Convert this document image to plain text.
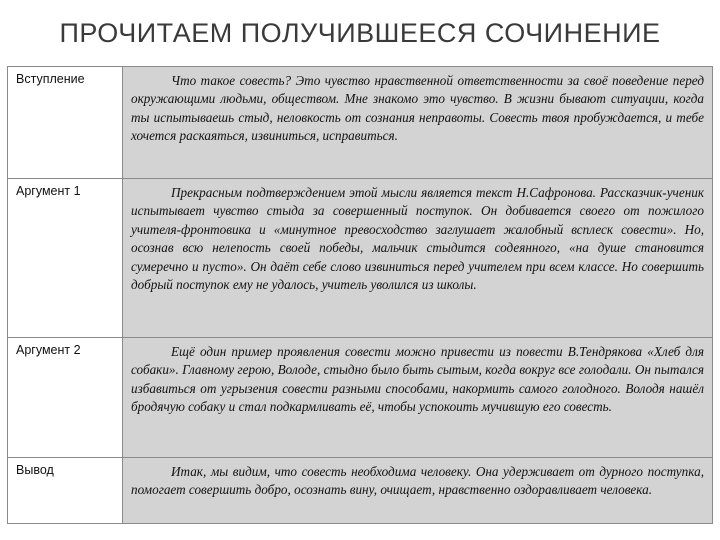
ПРОЧИТАЕМ ПОЛУЧИВШЕЕСЯ СОЧИНЕНИЕ
Вступление	Что такое совесть? Это чувство нравственной ответственности за своё поведение перед окружающими людьми, обществом. Мне знакомо это чувство. В жизни бывают ситуации, когда ты испытываешь стыд, неловкость от сознания неправоты. Совесть твоя пробуждается, и тебе хочется раскаяться, извиниться, исправиться.

Аргумент 1	Прекрасным подтверждением этой мысли является текст Н.Сафронова. Рассказчик-ученик испытывает чувство стыда за совершенный поступок. Он добивается своего от пожилого учителя-фронтовика и «минутное превосходство заглушает жалобный всплеск совести». Но, осознав всю нелепость своей победы, мальчик стыдится содеянного, «на душе становится сумеречно и пусто». Он даёт себе слово извиниться перед учителем при всем классе. Но совершить добрый поступок ему не удалось, учитель уволился из школы.

Аргумент 2	Ещё один пример проявления совести можно привести из повести В.Тендрякова «Хлеб для собаки». Главному герою, Володе, стыдно было быть сытым, когда вокруг все голодали. Он пытался избавиться от угрызения совести разными способами, накормить самого голодного. Володя нашёл бродячую собаку и стал подкармливать её, чтобы успокоить мучившую его совесть.

Вывод	Итак, мы видим, что совесть необходима человеку. Она удерживает от дурного поступка, помогает совершить добро, осознать вину, очищает, нравственно оздоравливает человека.
